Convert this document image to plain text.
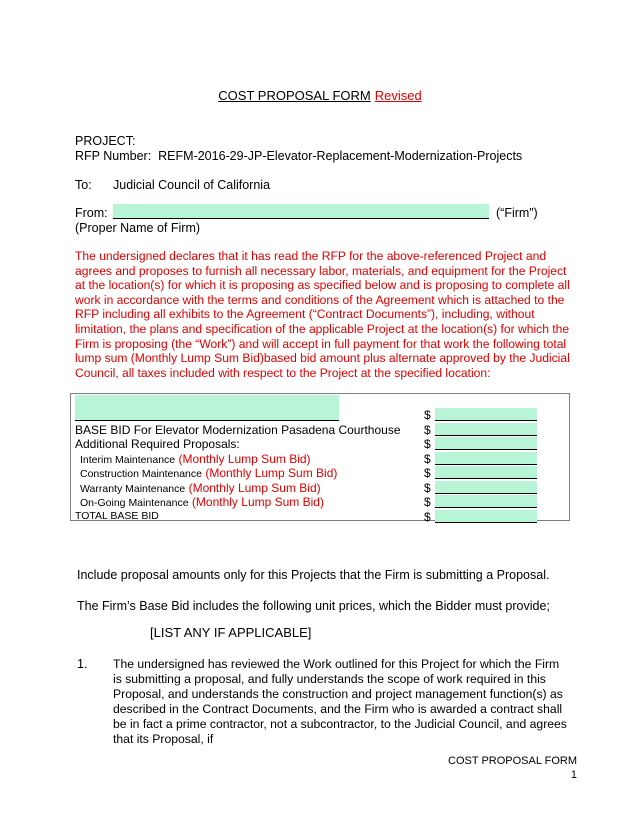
COST PROPOSAL FORM Revised
PROJECT:
RFP Number: REFM-2016-29-JP-Elevator-Replacement-Modernization-Projects
To: Judicial Council of California
From:	(“Firm”)
(Proper Name of Firm)
The undersigned declares that it has read the RFP for the above-referenced Project and agrees and proposes to furnish all necessary labor, materials, and equipment for the Project at the location(s) for which it is proposing as specified below and is proposing to complete all work in accordance with the terms and conditions of the Agreement which is attached to the RFP including all exhibits to the Agreement (“Contract Documents”), including, without limitation, the plans and specification of the applicable Project at the location(s) for which the Firm is proposing (the “Work”) and will accept in full payment for that work the following total lump sum (Monthly Lump Sum Bid)based bid amount plus alternate approved by the Judicial Council, all taxes included with respect to the Project at the specified location:
BASE BID For Elevator Modernization Pasadena Courthouse
Additional Required Proposals:
Interim Maintenance (Monthly Lump Sum Bid)
Construction Maintenance (Monthly Lump Sum Bid)
Warranty Maintenance (Monthly Lump Sum Bid)
On-Going Maintenance (Monthly Lump Sum Bid)
TOTAL BASE BID
$
$
$
$
$
$
$
$
Include proposal amounts only for this Projects that the Firm is submitting a Proposal.
The Firm’s Base Bid includes the following unit prices, which the Bidder must provide;
[LIST ANY IF APPLICABLE]
1. The undersigned has reviewed the Work outlined for this Project for which the Firm is submitting a proposal, and fully understands the scope of work required in this Proposal, and understands the construction and project management function(s) as described in the Contract Documents, and the Firm who is awarded a contract shall be in fact a prime contractor, not a subcontractor, to the Judicial Council, and agrees that its Proposal, if
COST PROPOSAL FORM
1
